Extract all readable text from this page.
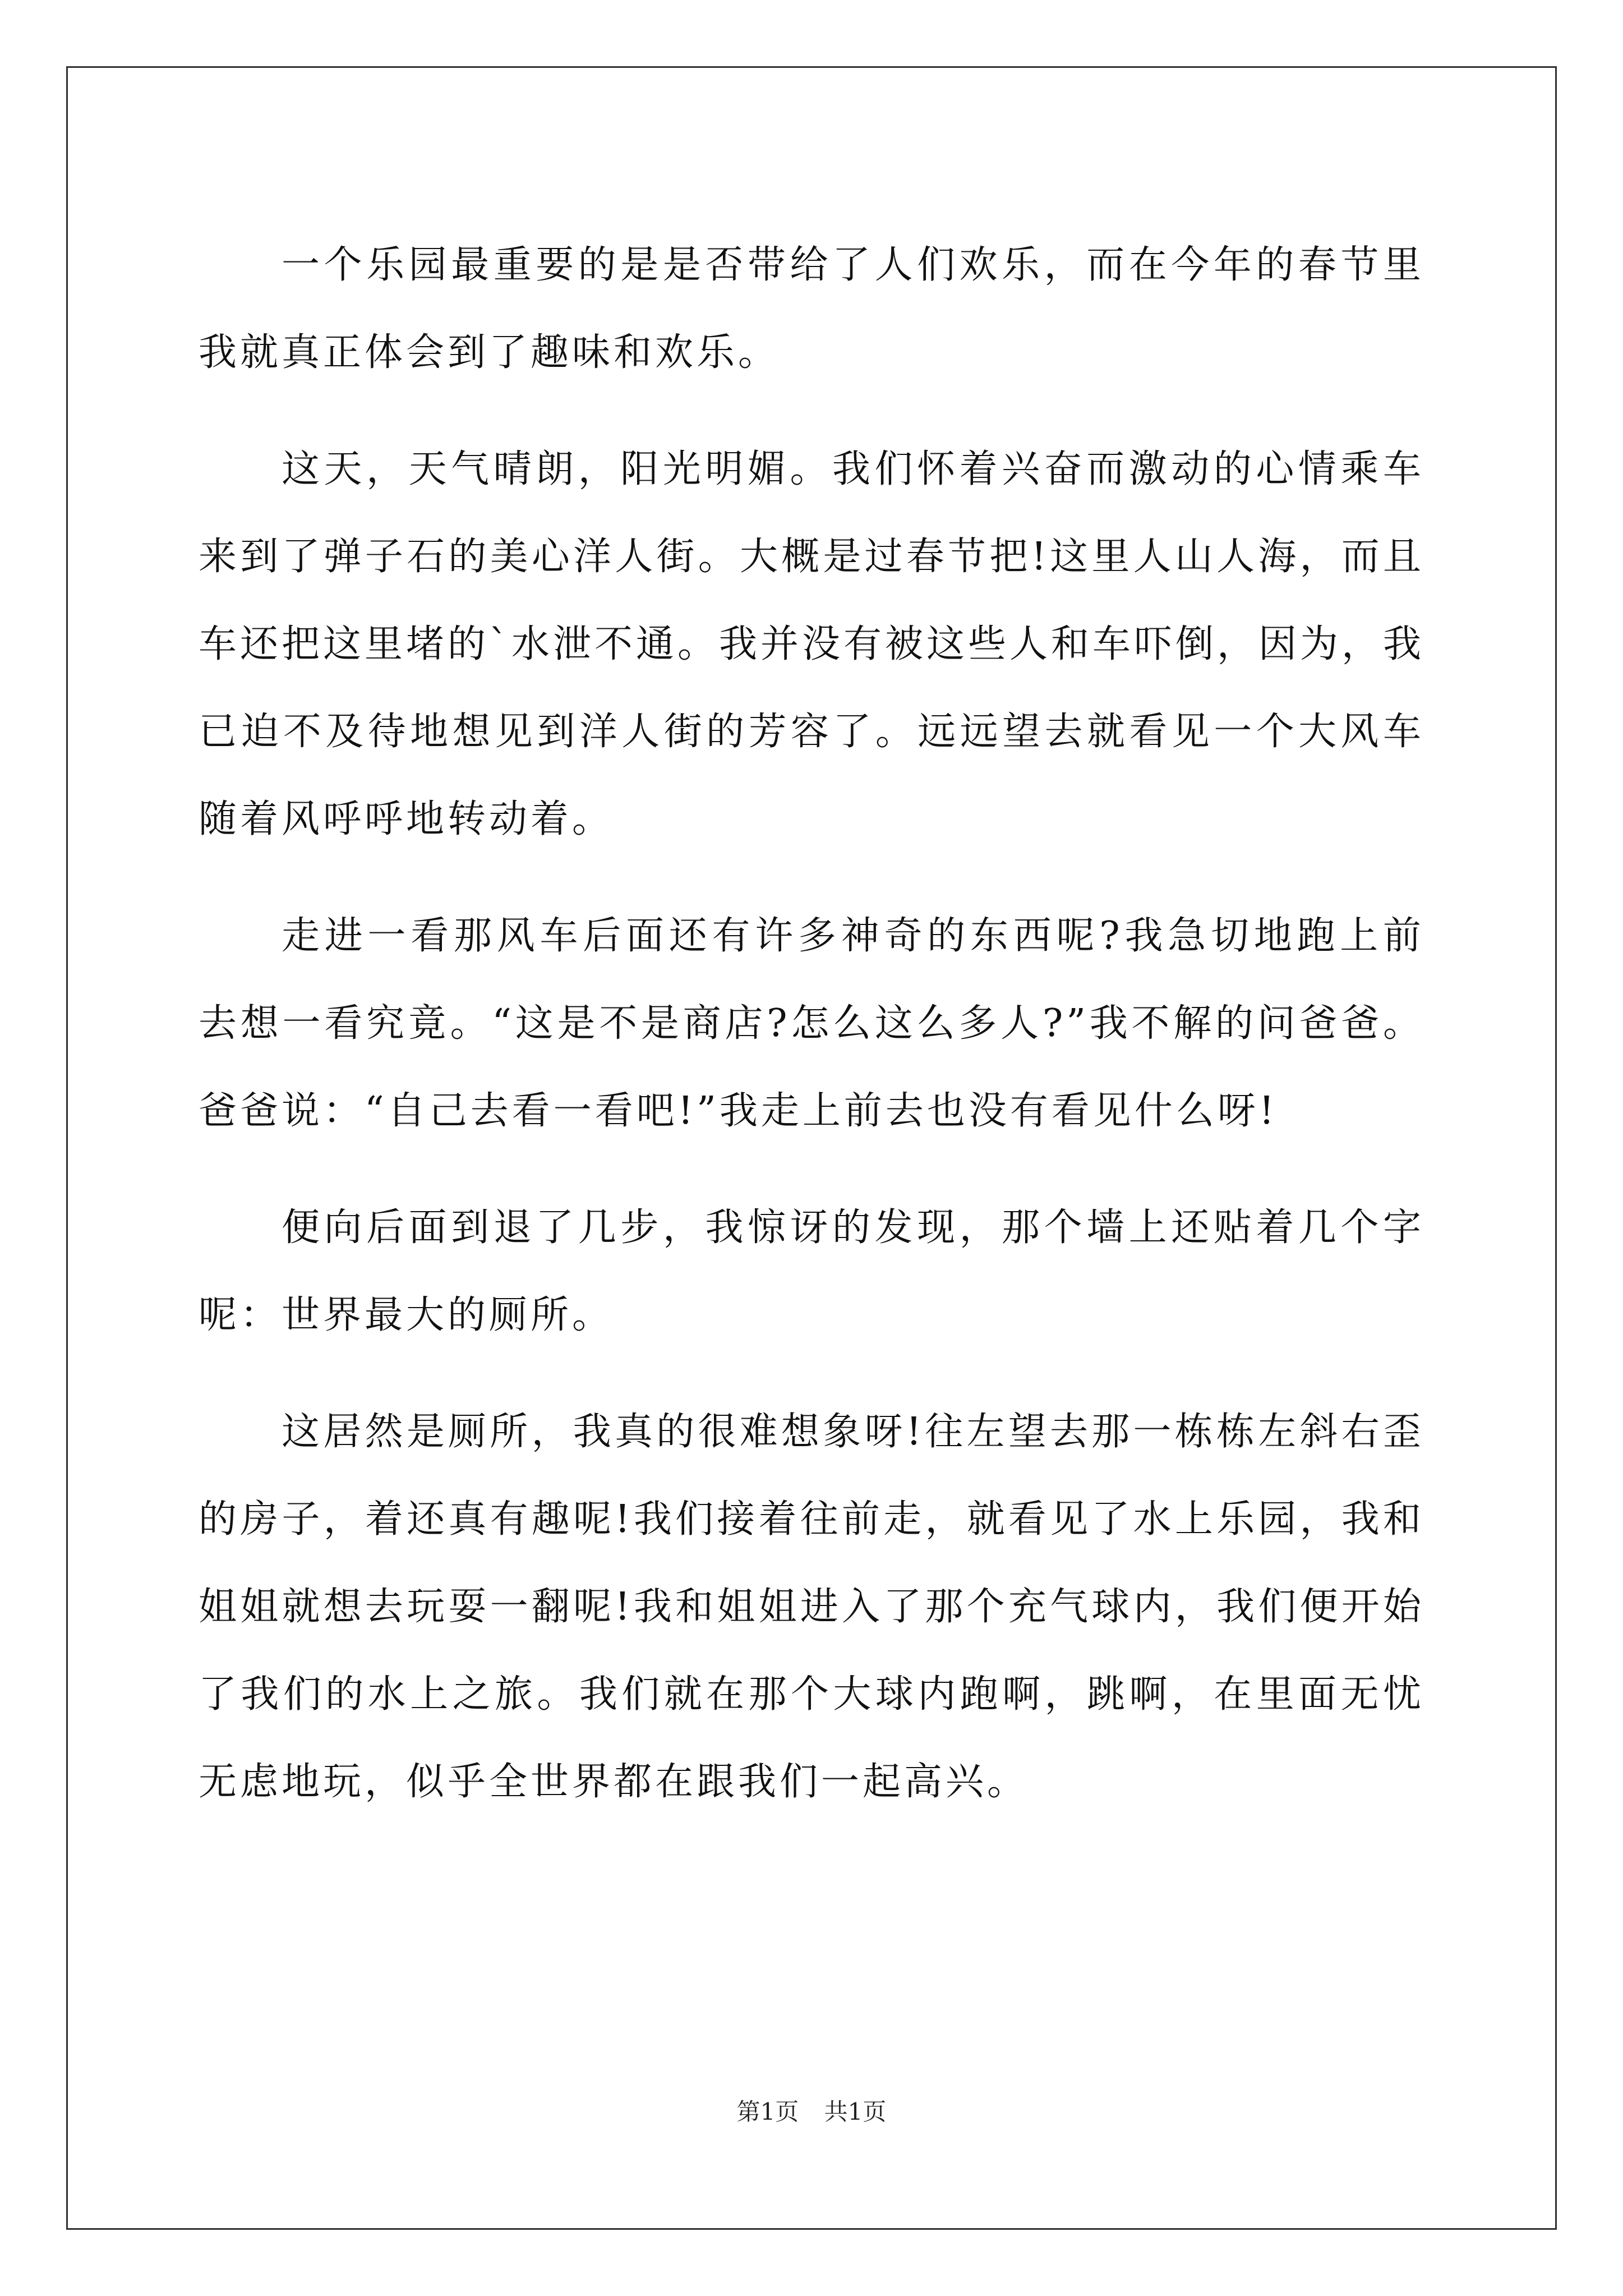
一个乐园最重要的是是否带给了人们欢乐，而在今年的春节里我就真正体会到了趣味和欢乐。

这天，天气晴朗，阳光明媚。我们怀着兴奋而激动的心情乘车来到了弹子石的美心洋人街。大概是过春节把!这里人山人海，而且车还把这里堵的`水泄不通。我并没有被这些人和车吓倒，因为，我已迫不及待地想见到洋人街的芳容了。远远望去就看见一个大风车随着风呼呼地转动着。

走进一看那风车后面还有许多神奇的东西呢?我急切地跑上前去想一看究竟。“这是不是商店?怎么这么多人?”我不解的问爸爸。爸爸说：“自己去看一看吧!”我走上前去也没有看见什么呀!

便向后面到退了几步，我惊讶的发现，那个墙上还贴着几个字呢：世界最大的厕所。

这居然是厕所，我真的很难想象呀!往左望去那一栋栋左斜右歪的房子，着还真有趣呢!我们接着往前走，就看见了水上乐园，我和姐姐就想去玩耍一翻呢!我和姐姐进入了那个充气球内，我们便开始了我们的水上之旅。我们就在那个大球内跑啊，跳啊，在里面无忧无虑地玩，似乎全世界都在跟我们一起高兴。

第1页 共1页
